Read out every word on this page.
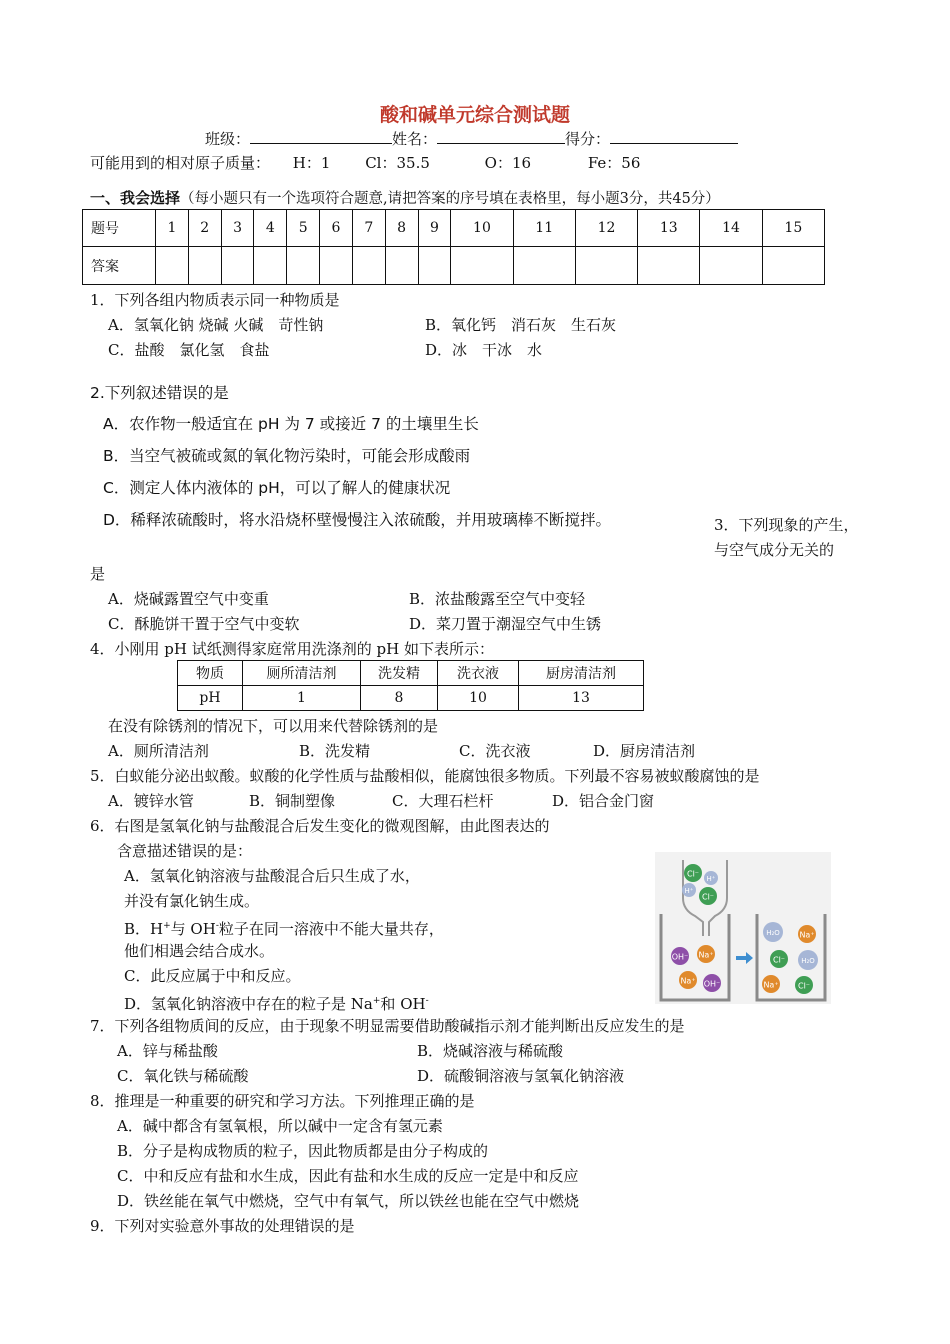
酸和碱单元综合测试题
班级：	姓名：	得分：
可能用到的相对原子质量： H：1 Cl：35.5	O：16	Fe：56
一、我会选择（每小题只有一个选项符合题意,请把答案的序号填在表格里，每小题3分，共45分）
题号	1	2	3	4	5	6	7	8	9	10	11	12	13	14	15
答案															
1．下列各组内物质表示同一种物质是
A．氢氧化钠 烧碱 火碱　苛性钠	B．氧化钙　消石灰　生石灰
C．盐酸　氯化氢　食盐	D．冰　干冰　水
2.下列叙述错误的是
A．农作物一般适宜在 pH 为 7 或接近 7 的土壤里生长
B．当空气被硫或氮的氧化物污染时，可能会形成酸雨
C．测定人体内液体的 pH，可以了解人的健康状况
D．稀释浓硫酸时，将水沿烧杯壁慢慢注入浓硫酸，并用玻璃棒不断搅拌。	3．下列现象的产生，
与空气成分无关的
是
A．烧碱露置空气中变重	B．浓盐酸露至空气中变轻
C．酥脆饼干置于空气中变软	D．菜刀置于潮湿空气中生锈
4．小刚用 pH 试纸测得家庭常用洗涤剂的 pH 如下表所示：
物质	厕所清洁剂	洗发精	洗衣液	厨房清洁剂
pH	1	8	10	13
在没有除锈剂的情况下，可以用来代替除锈剂的是
A．厕所清洁剂	B．洗发精	C．洗衣液	D．厨房清洁剂
5．白蚁能分泌出蚁酸。蚁酸的化学性质与盐酸相似，能腐蚀很多物质。下列最不容易被蚁酸腐蚀的是
A．镀锌水管	B．铜制塑像	C．大理石栏杆	D．铝合金门窗
6．右图是氢氧化钠与盐酸混合后发生变化的微观图解，由此图表达的
含意描述错误的是：
A．氢氧化钠溶液与盐酸混合后只生成了水，
并没有氯化钠生成。
B．H+与 OH-粒子在同一溶液中不能大量共存，
他们相遇会结合成水。
C．此反应属于中和反应。
D．氢氧化钠溶液中存在的粒子是 Na+和 OH-
Cl⁻
H⁺
H⁺
Cl⁻
OH⁻ Na⁺
Na⁺ OH⁻
H₂O Na⁺
Cl⁻ H₂O
Na⁺ Cl⁻
7．下列各组物质间的反应，由于现象不明显需要借助酸碱指示剂才能判断出反应发生的是
A．锌与稀盐酸	B．烧碱溶液与稀硫酸
C．氧化铁与稀硫酸	D．硫酸铜溶液与氢氧化钠溶液
8．推理是一种重要的研究和学习方法。下列推理正确的是
A．碱中都含有氢氧根，所以碱中一定含有氢元素
B．分子是构成物质的粒子，因此物质都是由分子构成的
C．中和反应有盐和水生成，因此有盐和水生成的反应一定是中和反应
D．铁丝能在氧气中燃烧，空气中有氧气，所以铁丝也能在空气中燃烧
9．下列对实验意外事故的处理错误的是
